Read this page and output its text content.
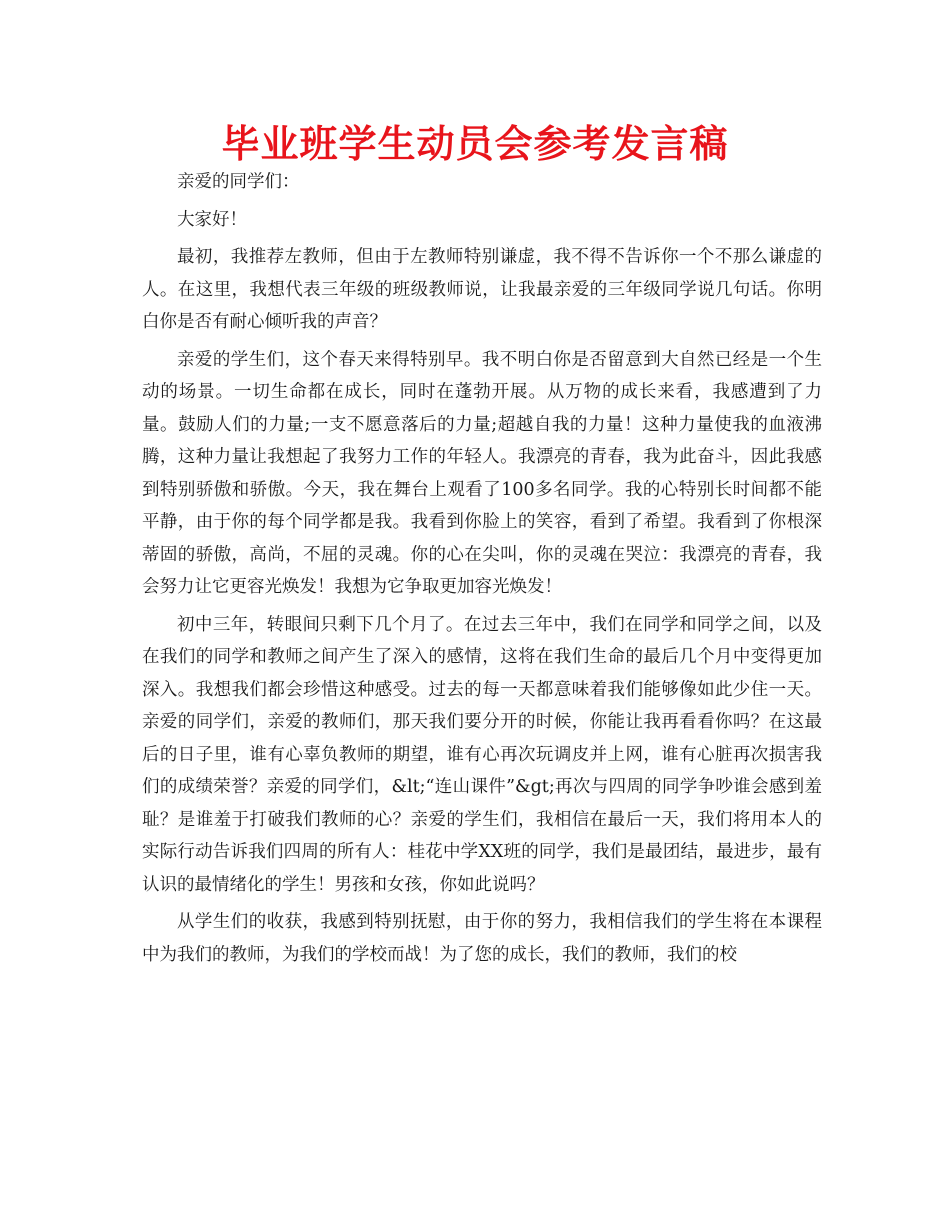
毕业班学生动员会参考发言稿

亲爱的同学们：

大家好！

最初，我推荐左教师，但由于左教师特别谦虚，我不得不告诉你一个不那么谦虚的人。在这里，我想代表三年级的班级教师说，让我最亲爱的三年级同学说几句话。你明白你是否有耐心倾听我的声音？

亲爱的学生们，这个春天来得特别早。我不明白你是否留意到大自然已经是一个生动的场景。一切生命都在成长，同时在蓬勃开展。从万物的成长来看，我感遭到了力量。鼓励人们的力量;一支不愿意落后的力量;超越自我的力量！这种力量使我的血液沸腾，这种力量让我想起了我努力工作的年轻人。我漂亮的青春，我为此奋斗，因此我感到特别骄傲和骄傲。今天，我在舞台上观看了100多名同学。我的心特别长时间都不能平静，由于你的每个同学都是我。我看到你脸上的笑容，看到了希望。我看到了你根深蒂固的骄傲，高尚，不屈的灵魂。你的心在尖叫，你的灵魂在哭泣：我漂亮的青春，我会努力让它更容光焕发！我想为它争取更加容光焕发！

初中三年，转眼间只剩下几个月了。在过去三年中，我们在同学和同学之间，以及在我们的同学和教师之间产生了深入的感情，这将在我们生命的最后几个月中变得更加深入。我想我们都会珍惜这种感受。过去的每一天都意味着我们能够像如此少住一天。亲爱的同学们，亲爱的教师们，那天我们要分开的时候，你能让我再看看你吗？在这最后的日子里，谁有心辜负教师的期望，谁有心再次玩调皮并上网，谁有心脏再次损害我们的成绩荣誉？亲爱的同学们，&lt;“连山课件”&gt;再次与四周的同学争吵谁会感到羞耻？是谁羞于打破我们教师的心？亲爱的学生们，我相信在最后一天，我们将用本人的实际行动告诉我们四周的所有人：桂花中学XX班的同学，我们是最团结，最进步，最有认识的最情绪化的学生！男孩和女孩，你如此说吗？

从学生们的收获，我感到特别抚慰，由于你的努力，我相信我们的学生将在本课程中为我们的教师，为我们的学校而战！为了您的成长，我们的教师，我们的校
